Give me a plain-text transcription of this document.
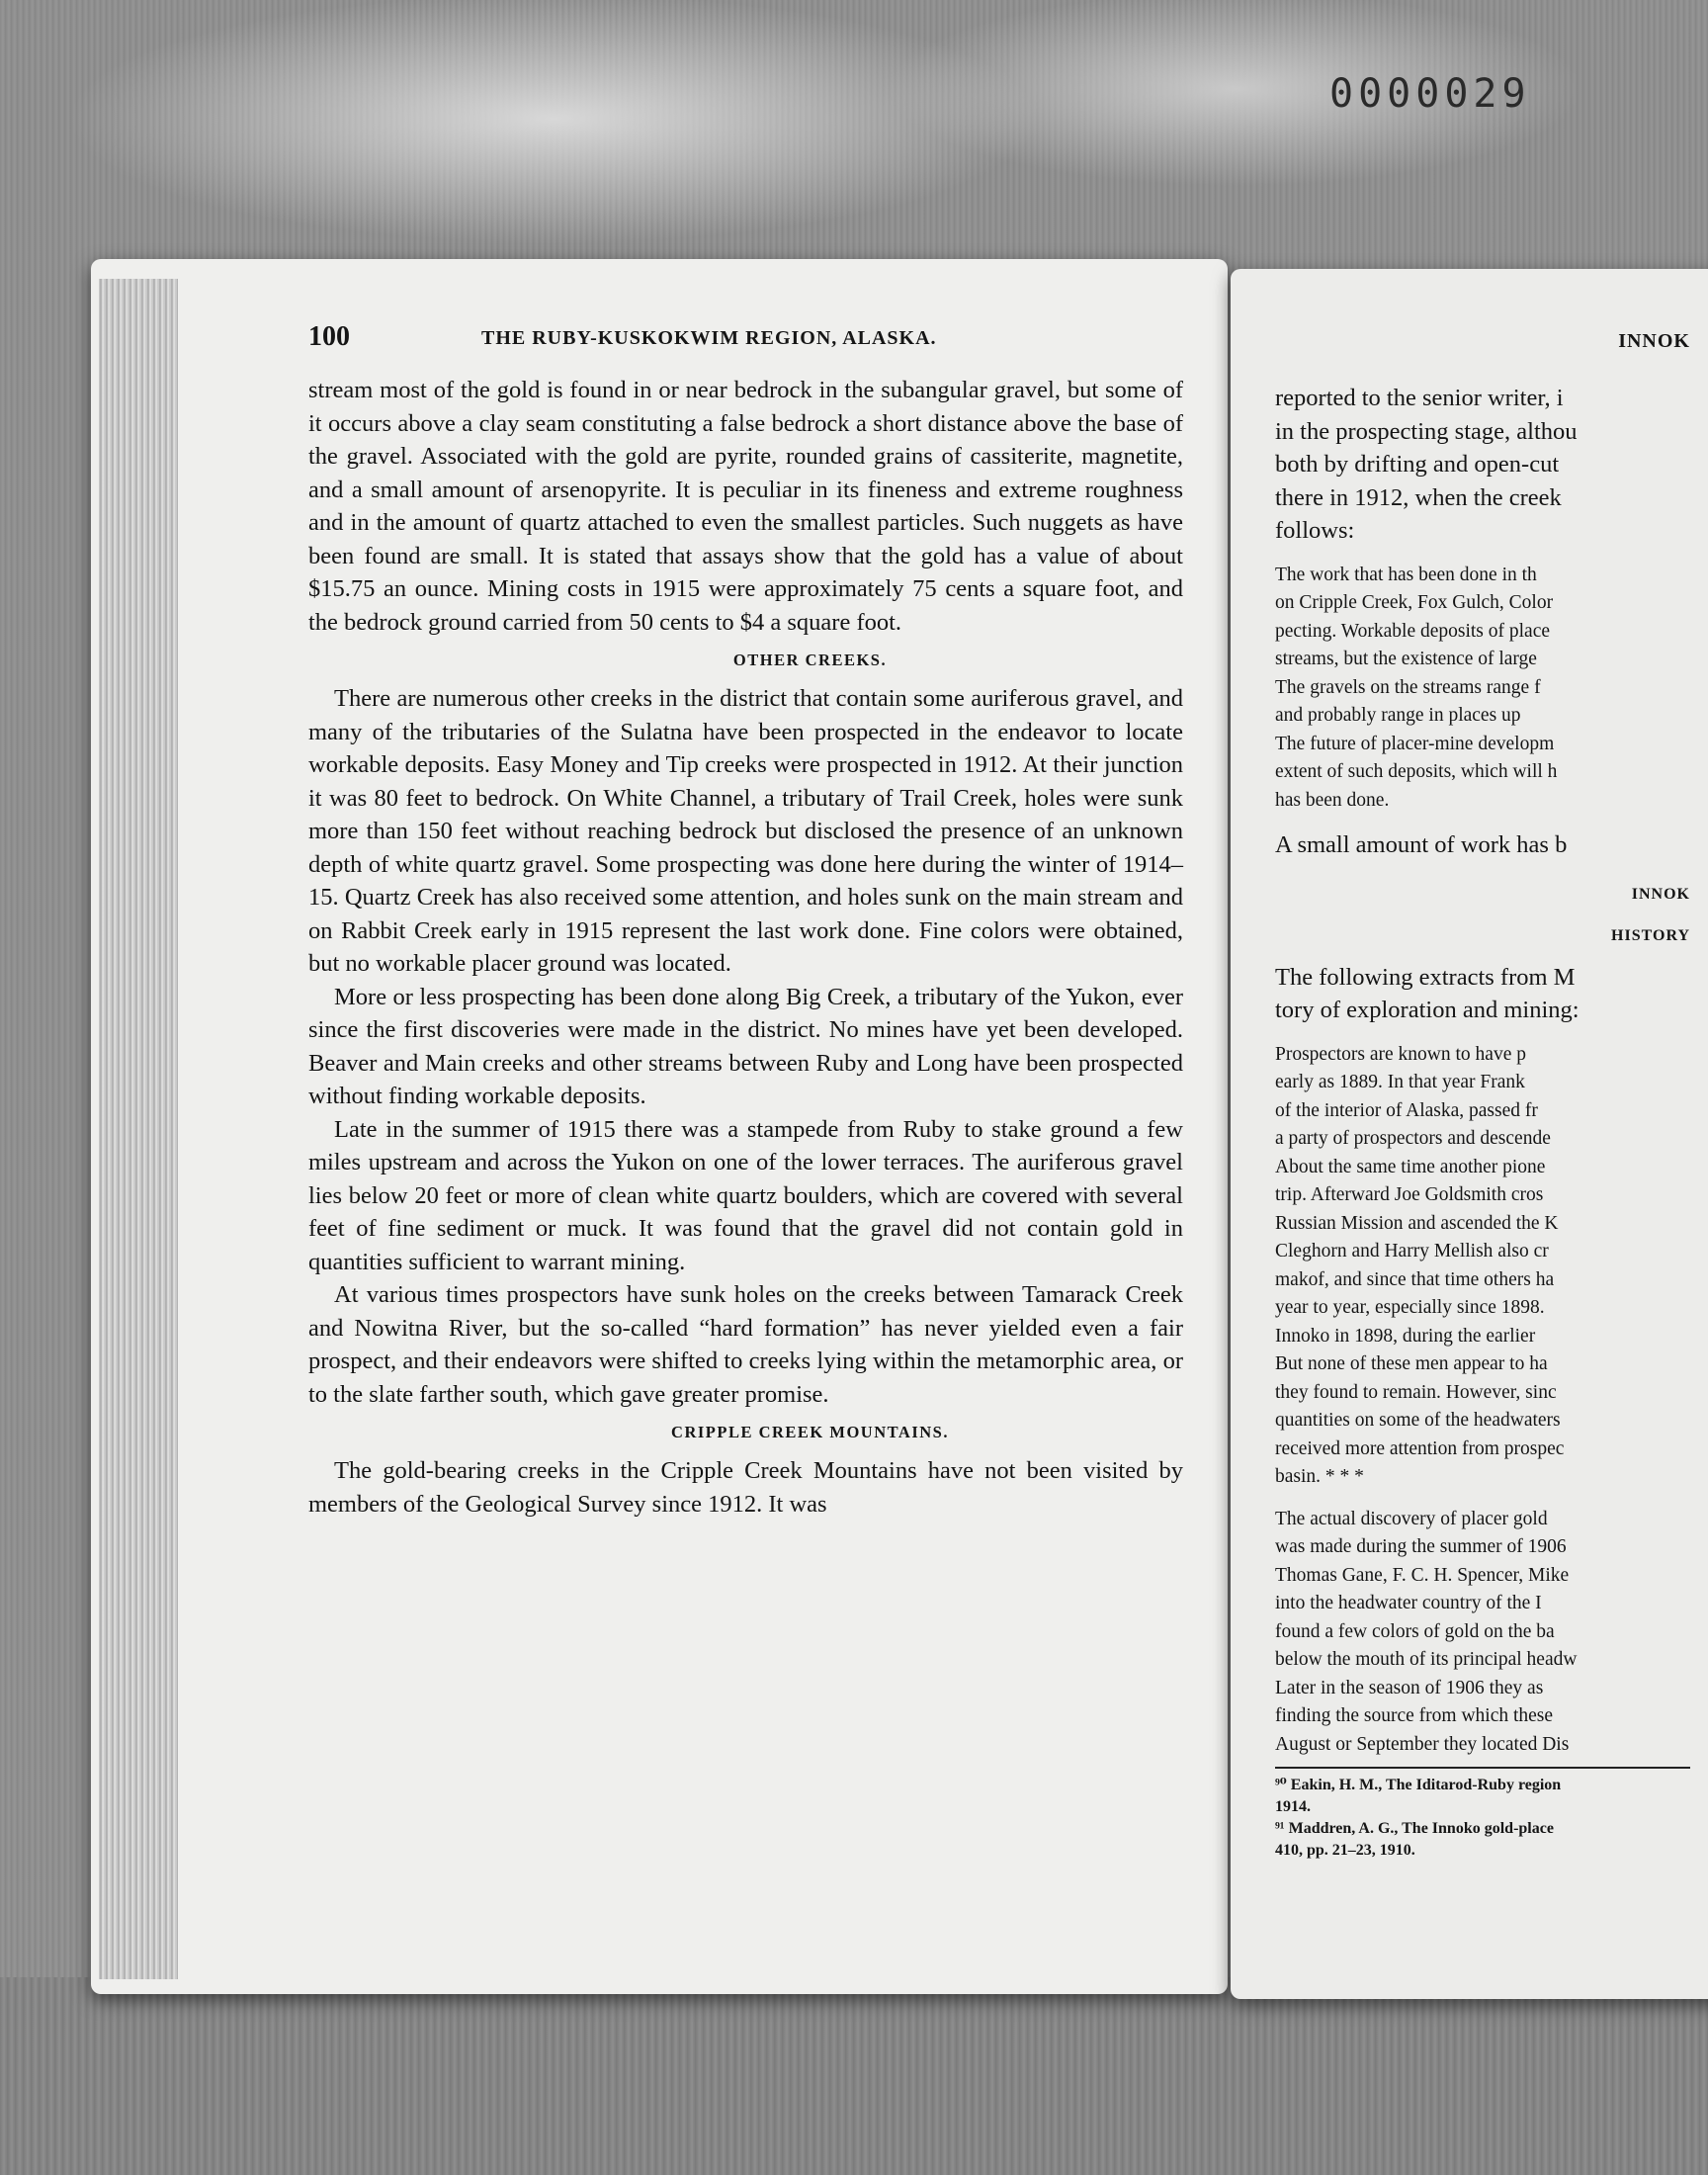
0000029
100	THE RUBY-KUSKOKWIM REGION, ALASKA.

stream most of the gold is found in or near bedrock in the subangular gravel, but some of it occurs above a clay seam constituting a false bedrock a short distance above the base of the gravel. Associated with the gold are pyrite, rounded grains of cassiterite, magnetite, and a small amount of arsenopyrite. It is peculiar in its fineness and extreme roughness and in the amount of quartz attached to even the smallest particles. Such nuggets as have been found are small. It is stated that assays show that the gold has a value of about $15.75 an ounce. Mining costs in 1915 were approximately 75 cents a square foot, and the bedrock ground carried from 50 cents to $4 a square foot.

OTHER CREEKS.

There are numerous other creeks in the district that contain some auriferous gravel, and many of the tributaries of the Sulatna have been prospected in the endeavor to locate workable deposits. Easy Money and Tip creeks were prospected in 1912. At their junction it was 80 feet to bedrock. On White Channel, a tributary of Trail Creek, holes were sunk more than 150 feet without reaching bedrock but disclosed the presence of an unknown depth of white quartz gravel. Some prospecting was done here during the winter of 1914–15. Quartz Creek has also received some attention, and holes sunk on the main stream and on Rabbit Creek early in 1915 represent the last work done. Fine colors were obtained, but no workable placer ground was located.

More or less prospecting has been done along Big Creek, a tributary of the Yukon, ever since the first discoveries were made in the district. No mines have yet been developed. Beaver and Main creeks and other streams between Ruby and Long have been prospected without finding workable deposits.

Late in the summer of 1915 there was a stampede from Ruby to stake ground a few miles upstream and across the Yukon on one of the lower terraces. The auriferous gravel lies below 20 feet or more of clean white quartz boulders, which are covered with several feet of fine sediment or muck. It was found that the gravel did not contain gold in quantities sufficient to warrant mining.

At various times prospectors have sunk holes on the creeks between Tamarack Creek and Nowitna River, but the so-called “hard formation” has never yielded even a fair prospect, and their endeavors were shifted to creeks lying within the metamorphic area, or to the slate farther south, which gave greater promise.

CRIPPLE CREEK MOUNTAINS.

The gold-bearing creeks in the Cripple Creek Mountains have not been visited by members of the Geological Survey since 1912. It was

INNOK

reported to the senior writer, i

in the prospecting stage, althou

both by drifting and open-cut

there in 1912, when the creek

follows:

The work that has been done in th

on Cripple Creek, Fox Gulch, Color

pecting. Workable deposits of place

streams, but the existence of large

The gravels on the streams range f

and probably range in places up

The future of placer-mine developm

extent of such deposits, which will h

has been done.

A small amount of work has b

INNOK

HISTORY

The following extracts from M

tory of exploration and mining:

Prospectors are known to have p

early as 1889. In that year Frank

of the interior of Alaska, passed fr

a party of prospectors and descende

About the same time another pione

trip. Afterward Joe Goldsmith cros

Russian Mission and ascended the K

Cleghorn and Harry Mellish also cr

makof, and since that time others ha

year to year, especially since 1898.

Innoko in 1898, during the earlier

But none of these men appear to ha

they found to remain. However, sinc

quantities on some of the headwaters

received more attention from prospec

basin. * * *

The actual discovery of placer gold

was made during the summer of 1906

Thomas Gane, F. C. H. Spencer, Mike

into the headwater country of the I

found a few colors of gold on the ba

below the mouth of its principal headw

Later in the season of 1906 they as

finding the source from which these

August or September they located Dis

⁹⁰ Eakin, H. M., The Iditarod-Ruby region

1914.

⁹¹ Maddren, A. G., The Innoko gold-place

410, pp. 21–23, 1910.
